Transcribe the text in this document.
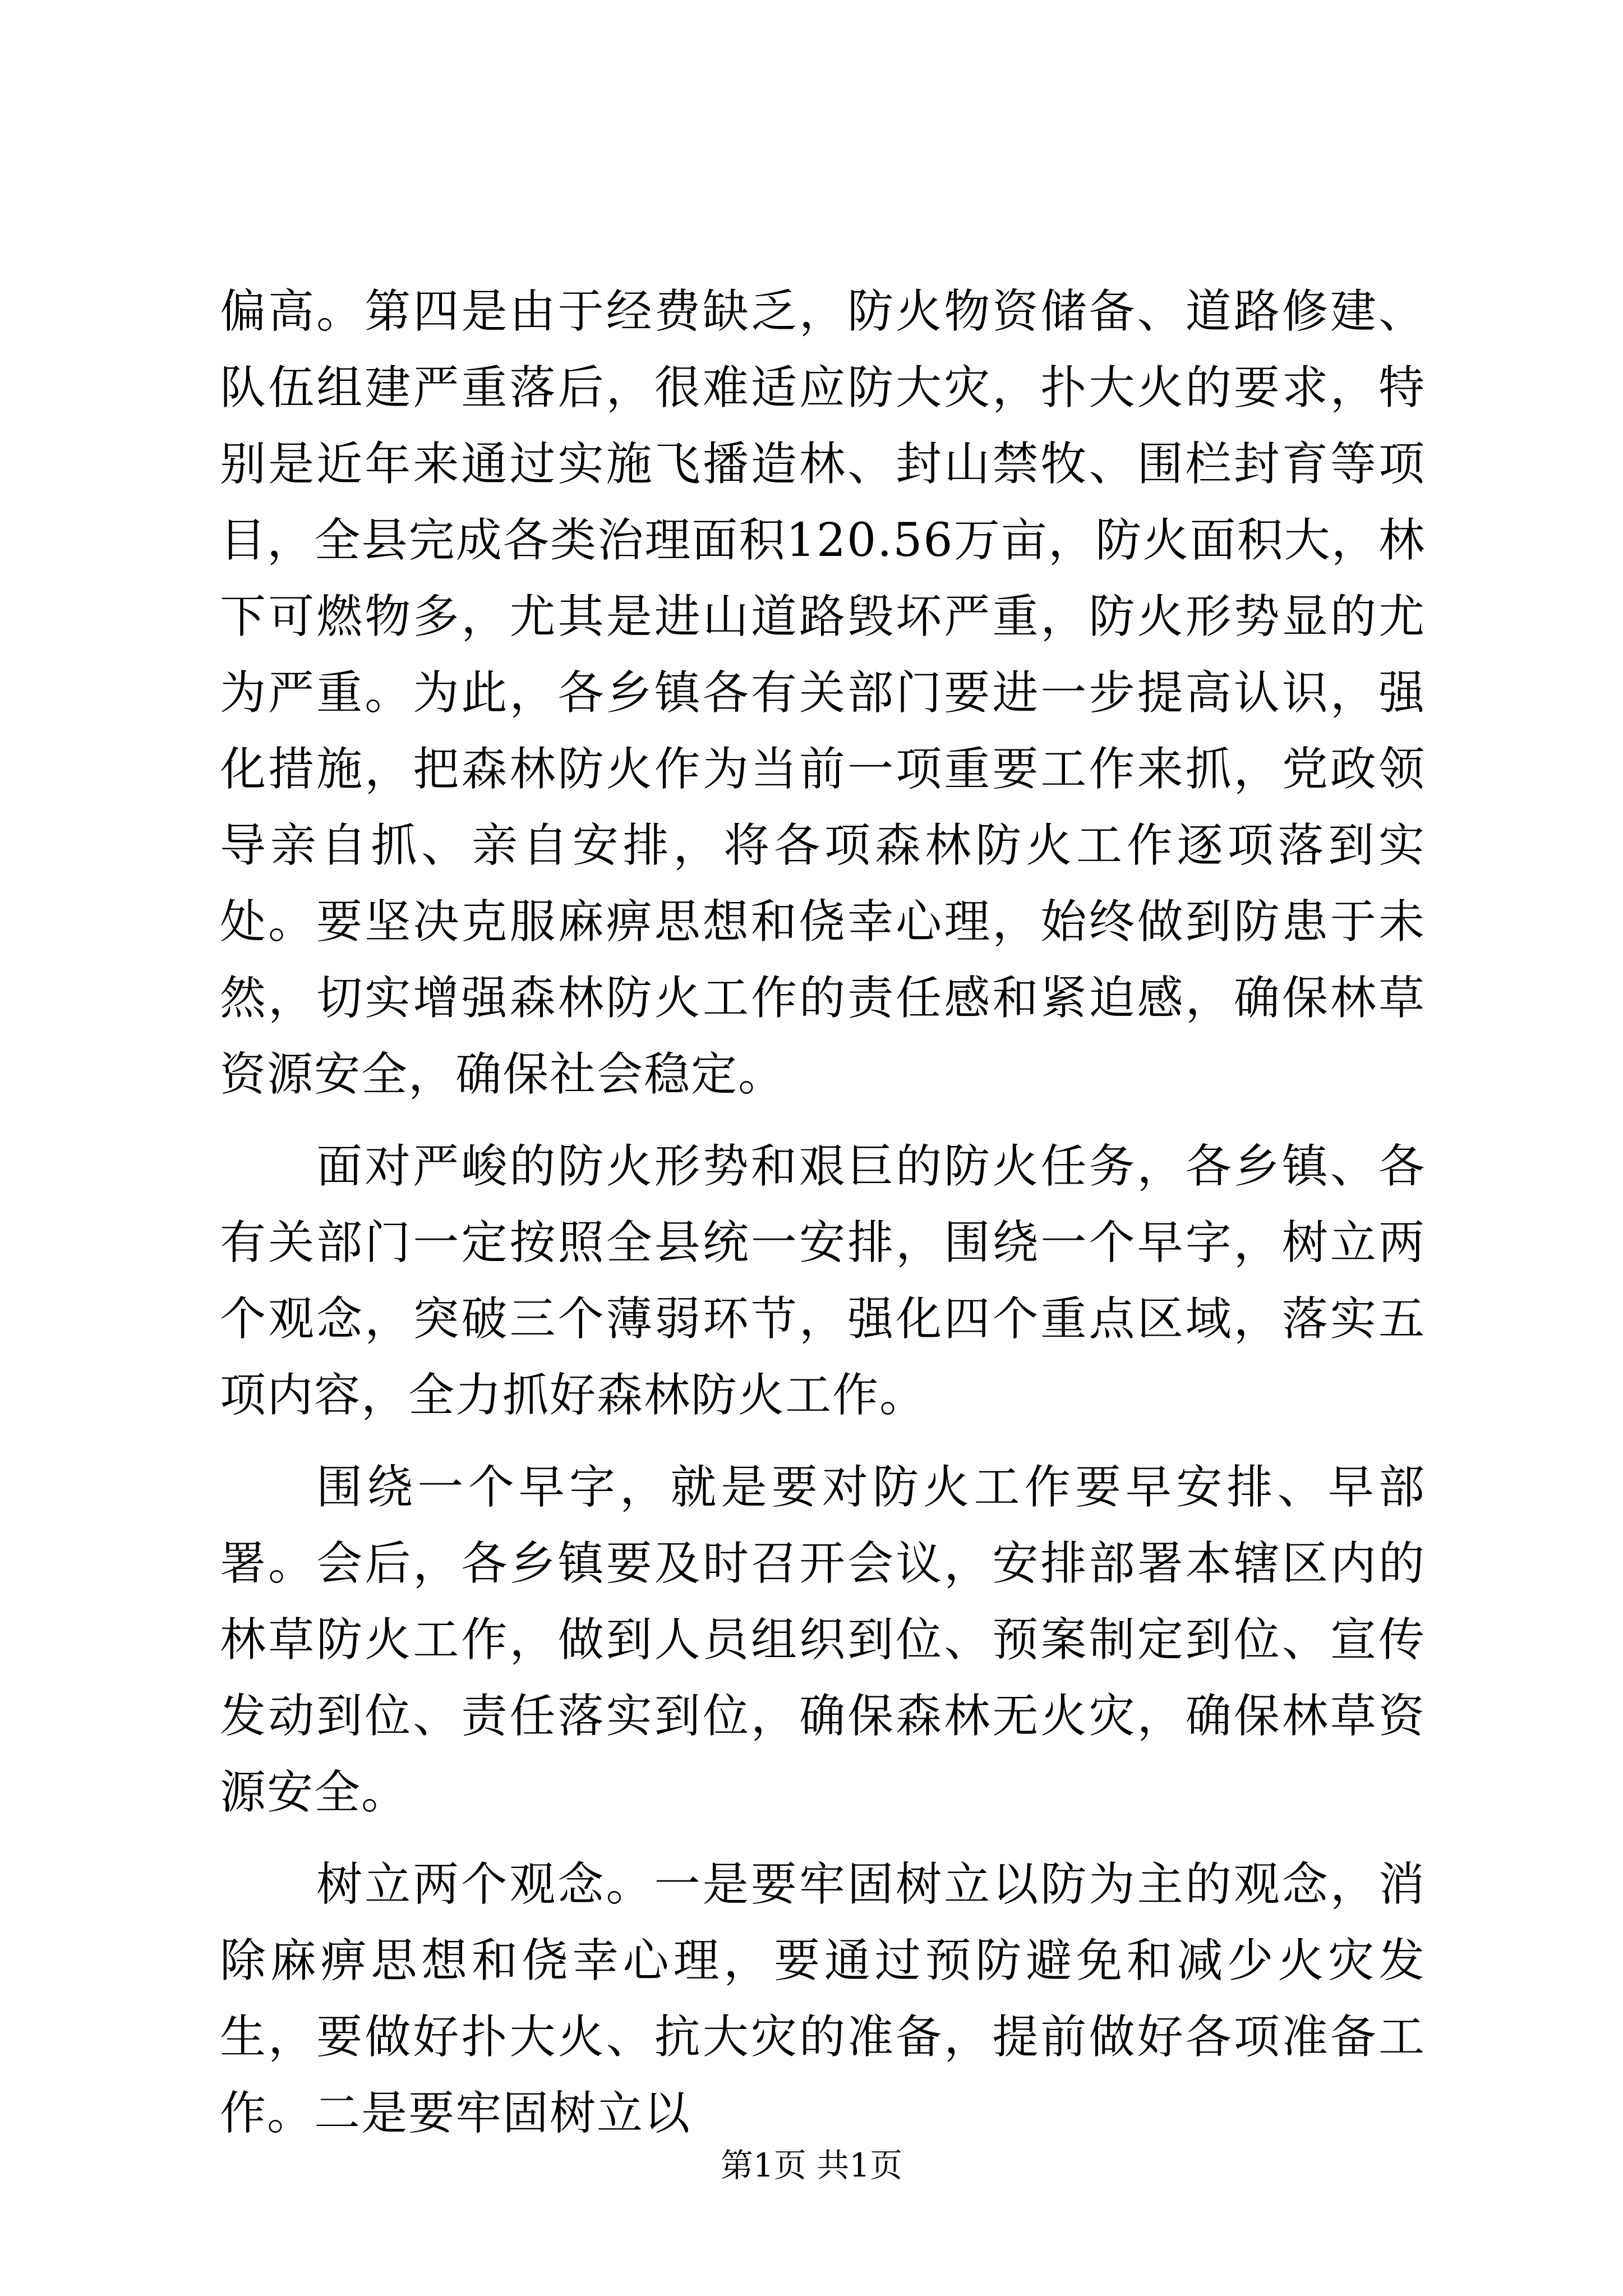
偏高。第四是由于经费缺乏，防火物资储备、道路修建、队伍组建严重落后，很难适应防大灾，扑大火的要求，特别是近年来通过实施飞播造林、封山禁牧、围栏封育等项目，全县完成各类治理面积120.56万亩，防火面积大，林下可燃物多，尤其是进山道路毁坏严重，防火形势显的尤为严重。为此，各乡镇各有关部门要进一步提高认识，强化措施，把森林防火作为当前一项重要工作来抓，党政领导亲自抓、亲自安排，将各项森林防火工作逐项落到实处。要坚决克服麻痹思想和侥幸心理，始终做到防患于未然，切实增强森林防火工作的责任感和紧迫感，确保林草资源安全，确保社会稳定。

面对严峻的防火形势和艰巨的防火任务，各乡镇、各有关部门一定按照全县统一安排，围绕一个早字，树立两个观念，突破三个薄弱环节，强化四个重点区域，落实五项内容，全力抓好森林防火工作。

围绕一个早字，就是要对防火工作要早安排、早部署。会后，各乡镇要及时召开会议，安排部署本辖区内的林草防火工作，做到人员组织到位、预案制定到位、宣传发动到位、责任落实到位，确保森林无火灾，确保林草资源安全。

树立两个观念。一是要牢固树立以防为主的观念，消除麻痹思想和侥幸心理，要通过预防避免和减少火灾发生，要做好扑大火、抗大灾的准备，提前做好各项准备工作。二是要牢固树立以

第1页 共1页
